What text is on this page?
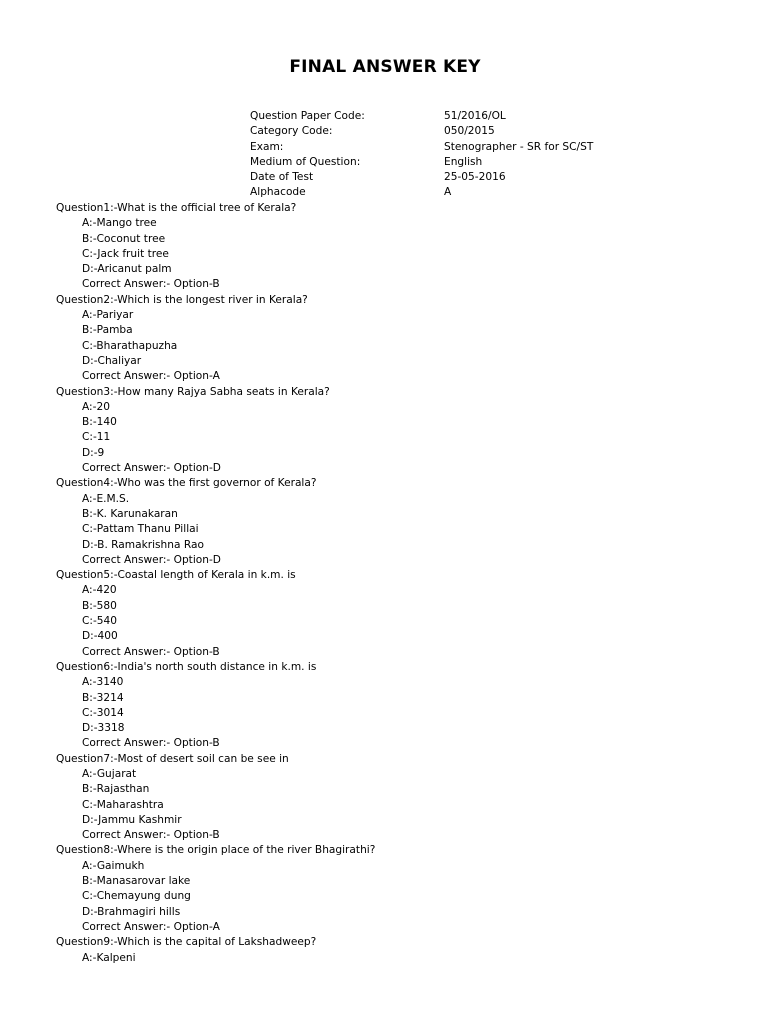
FINAL ANSWER KEY
Question Paper Code:	51/2016/OL
Category Code:	050/2015
Exam:	Stenographer - SR for SC/ST
Medium of Question:	English
Date of Test	25-05-2016
Alphacode	A
Question1:-What is the official tree of Kerala?
A:-Mango tree
B:-Coconut tree
C:-Jack fruit tree
D:-Aricanut palm
Correct Answer:- Option-B
Question2:-Which is the longest river in Kerala?
A:-Pariyar
B:-Pamba
C:-Bharathapuzha
D:-Chaliyar
Correct Answer:- Option-A
Question3:-How many Rajya Sabha seats in Kerala?
A:-20
B:-140
C:-11
D:-9
Correct Answer:- Option-D
Question4:-Who was the first governor of Kerala?
A:-E.M.S.
B:-K. Karunakaran
C:-Pattam Thanu Pillai
D:-B. Ramakrishna Rao
Correct Answer:- Option-D
Question5:-Coastal length of Kerala in k.m. is
A:-420
B:-580
C:-540
D:-400
Correct Answer:- Option-B
Question6:-India's north south distance in k.m. is
A:-3140
B:-3214
C:-3014
D:-3318
Correct Answer:- Option-B
Question7:-Most of desert soil can be see in
A:-Gujarat
B:-Rajasthan
C:-Maharashtra
D:-Jammu Kashmir
Correct Answer:- Option-B
Question8:-Where is the origin place of the river Bhagirathi?
A:-Gaimukh
B:-Manasarovar lake
C:-Chemayung dung
D:-Brahmagiri hills
Correct Answer:- Option-A
Question9:-Which is the capital of Lakshadweep?
A:-Kalpeni
